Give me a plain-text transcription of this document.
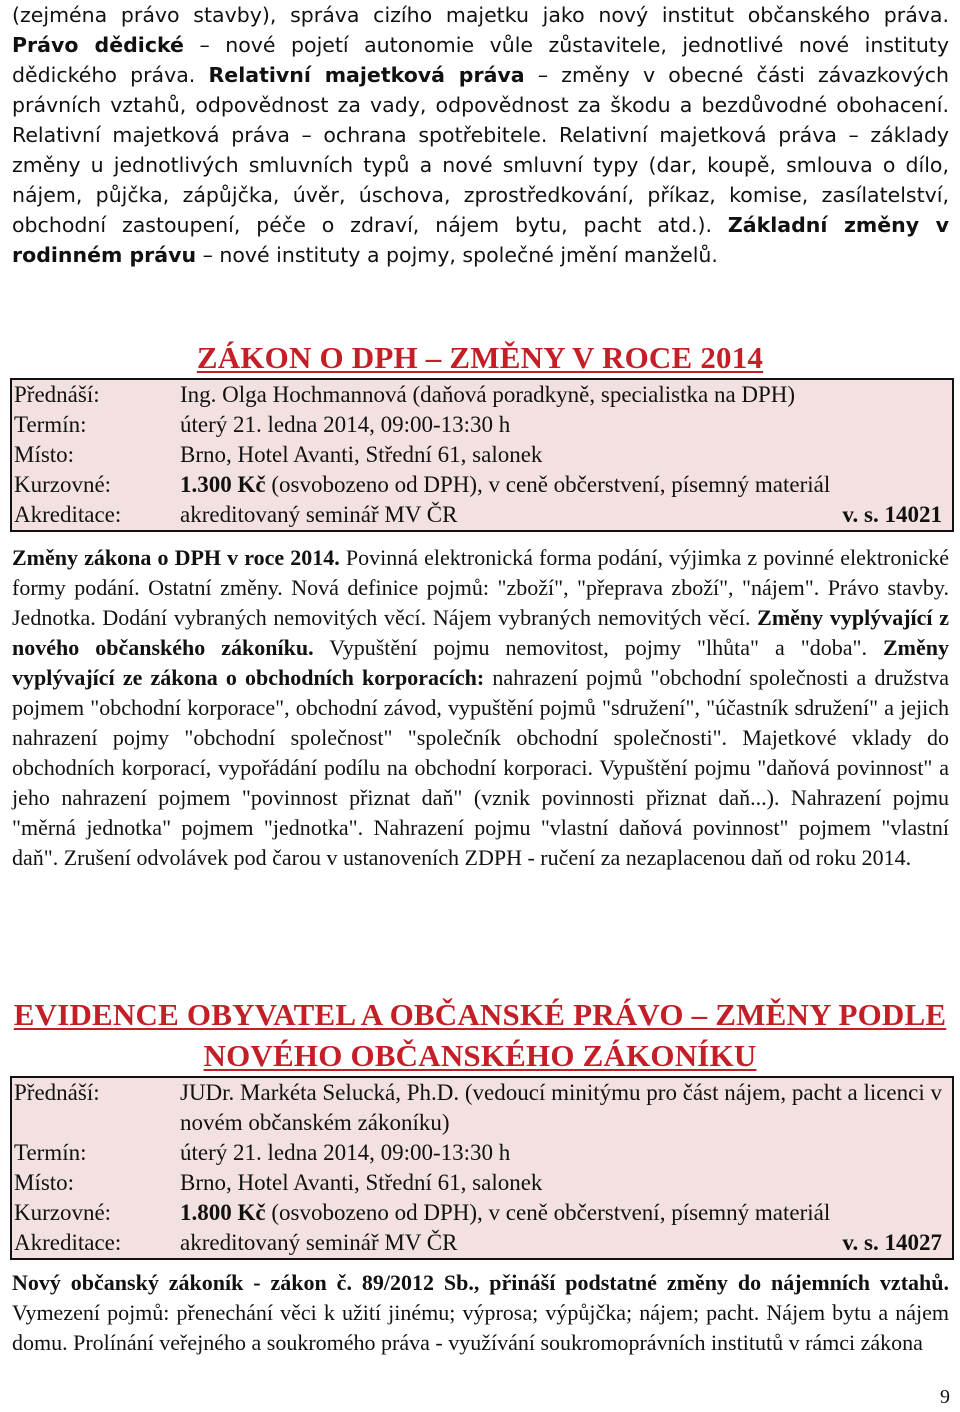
(zejména právo stavby), správa cizího majetku jako nový institut občanského práva. Právo dědické – nové pojetí autonomie vůle zůstavitele, jednotlivé nové instituty dědického práva. Relativní majetková práva – změny v obecné části závazkových právních vztahů, odpovědnost za vady, odpovědnost za škodu a bezdůvodné obohacení. Relativní majetková práva – ochrana spotřebitele. Relativní majetková práva – základy změny u jednotlivých smluvních typů a nové smluvní typy (dar, koupě, smlouva o dílo, nájem, půjčka, zápůjčka, úvěr, úschova, zprostředkování, příkaz, komise, zasílatelství, obchodní zastoupení, péče o zdraví, nájem bytu, pacht atd.). Základní změny v rodinném právu – nové instituty a pojmy, společné jmění manželů.

ZÁKON O DPH – ZMĚNY V ROCE 2014
Přednáší:	Ing. Olga Hochmannová (daňová poradkyně, specialistka na DPH)
Termín:	úterý 21. ledna 2014, 09:00-13:30 h
Místo:	Brno, Hotel Avanti, Střední 61, salonek
Kurzovné:	1.300 Kč (osvobozeno od DPH), v ceně občerstvení, písemný materiál
Akreditace:	akreditovaný seminář MV ČR	v. s. 14021

Změny zákona o DPH v roce 2014. Povinná elektronická forma podání, výjimka z povinné elektronické formy podání. Ostatní změny. Nová definice pojmů: "zboží", "přeprava zboží", "nájem". Právo stavby. Jednotka. Dodání vybraných nemovitých věcí. Nájem vybraných nemovitých věcí. Změny vyplývající z nového občanského zákoníku. Vypuštění pojmu nemovitost, pojmy "lhůta" a "doba". Změny vyplývající ze zákona o obchodních korporacích: nahrazení pojmů "obchodní společnosti a družstva pojmem "obchodní korporace", obchodní závod, vypuštění pojmů "sdružení", "účastník sdružení" a jejich nahrazení pojmy "obchodní společnost" "společník obchodní společnosti". Majetkové vklady do obchodních korporací, vypořádání podílu na obchodní korporaci. Vypuštění pojmu "daňová povinnost" a jeho nahrazení pojmem "povinnost přiznat daň" (vznik povinnosti přiznat daň...). Nahrazení pojmu "měrná jednotka" pojmem "jednotka". Nahrazení pojmu "vlastní daňová povinnost" pojmem "vlastní daň". Zrušení odvolávek pod čarou v ustanoveních ZDPH - ručení za nezaplacenou daň od roku 2014.

EVIDENCE OBYVATEL A OBČANSKÉ PRÁVO – ZMĚNY PODLE
NOVÉHO OBČANSKÉHO ZÁKONÍKU
Přednáší:	JUDr. Markéta Selucká, Ph.D. (vedoucí minitýmu pro část nájem, pacht a licenci v novém občanském zákoníku)
Termín:	úterý 21. ledna 2014, 09:00-13:30 h
Místo:	Brno, Hotel Avanti, Střední 61, salonek
Kurzovné:	1.800 Kč (osvobozeno od DPH), v ceně občerstvení, písemný materiál
Akreditace:	akreditovaný seminář MV ČR	v. s. 14027

Nový občanský zákoník - zákon č. 89/2012 Sb., přináší podstatné změny do nájemních vztahů. Vymezení pojmů: přenechání věci k užití jinému; výprosa; výpůjčka; nájem; pacht. Nájem bytu a nájem domu. Prolínání veřejného a soukromého práva - využívání soukromoprávních institutů v rámci zákona

9
